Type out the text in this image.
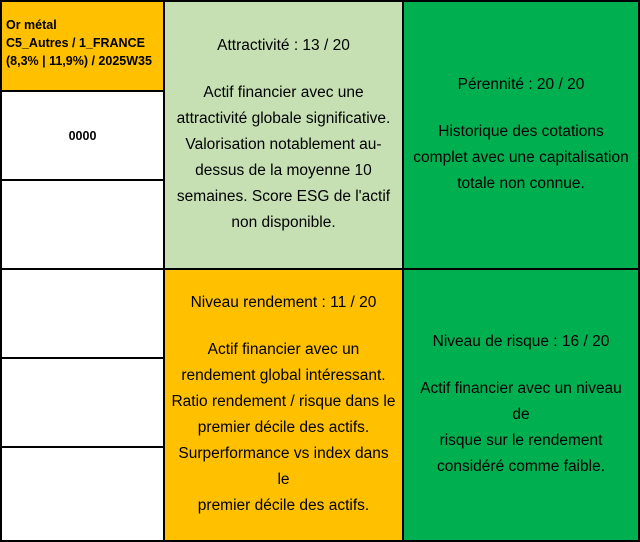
Or métal
C5_Autres / 1_FRANCE
(8,3% | 11,9%) / 2025W35
0000
Attractivité : 13 / 20
Actif financier avec une
attractivité globale significative.
Valorisation notablement au-
dessus de la moyenne 10
semaines. Score ESG de l'actif
non disponible.
Pérennité : 20 / 20
Historique des cotations
complet avec une capitalisation
totale non connue.
Niveau rendement : 11 / 20
Actif financier avec un
rendement global intéressant.
Ratio rendement / risque dans le
premier décile des actifs.
Surperformance vs index dans le
premier décile des actifs.
Niveau de risque : 16 / 20
Actif financier avec un niveau de
risque sur le rendement
considéré comme faible.
